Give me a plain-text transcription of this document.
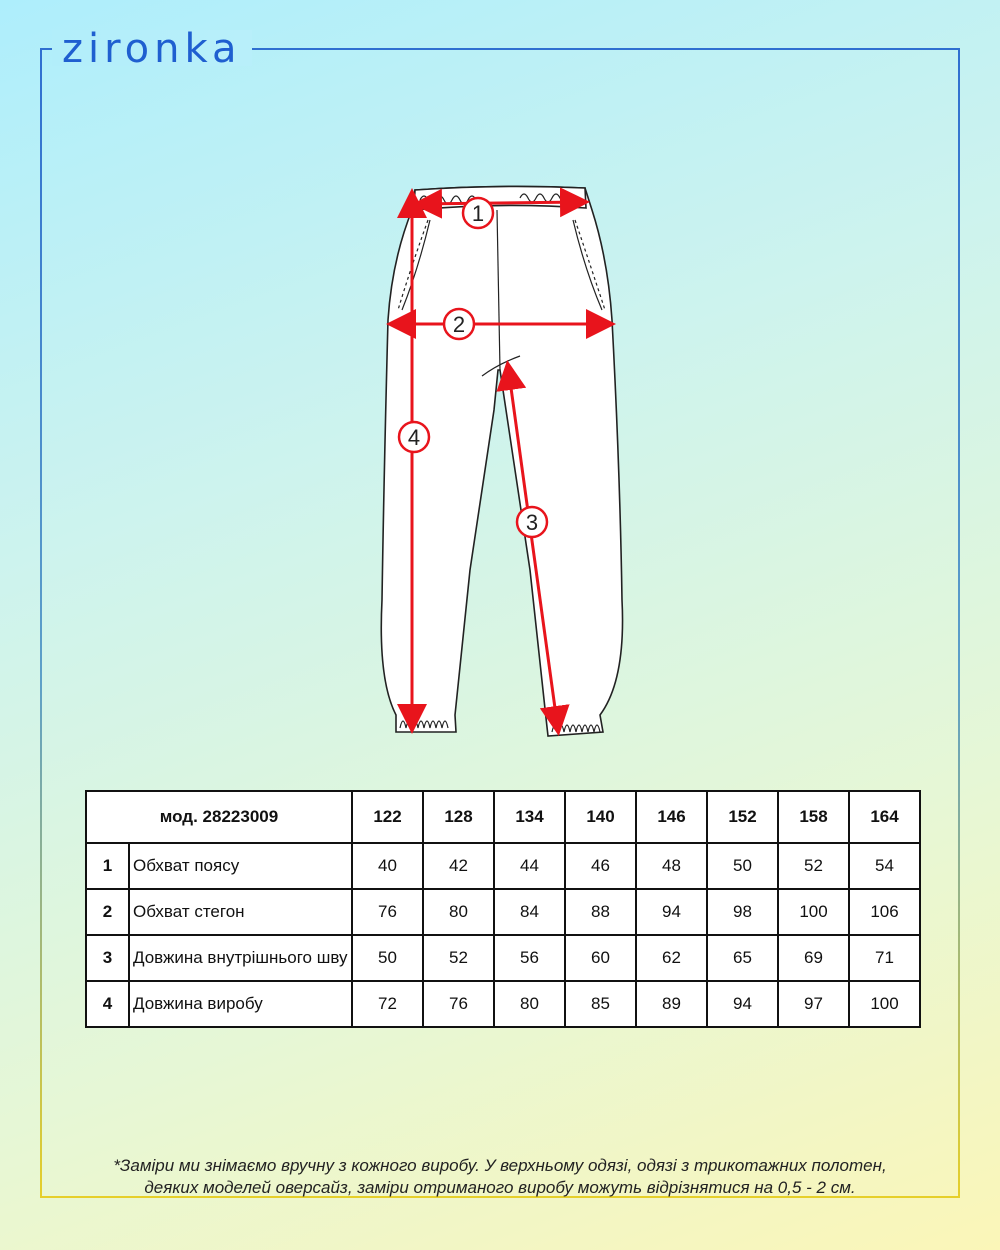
zironka
1
2
3
4
мод. 28223009		122	128	134	140	146	152	158	164
1	Обхват поясу	40	42	44	46	48	50	52	54
2	Обхват стегон	76	80	84	88	94	98	100	106
3	Довжина внутрішнього шву	50	52	56	60	62	65	69	71
4	Довжина виробу	72	76	80	85	89	94	97	100
*Заміри ми знімаємо вручну з кожного виробу. У верхньому одязі, одязі з трикотажних полотен,
деяких моделей оверсайз, заміри отриманого виробу можуть відрізнятися на 0,5 - 2 см.
